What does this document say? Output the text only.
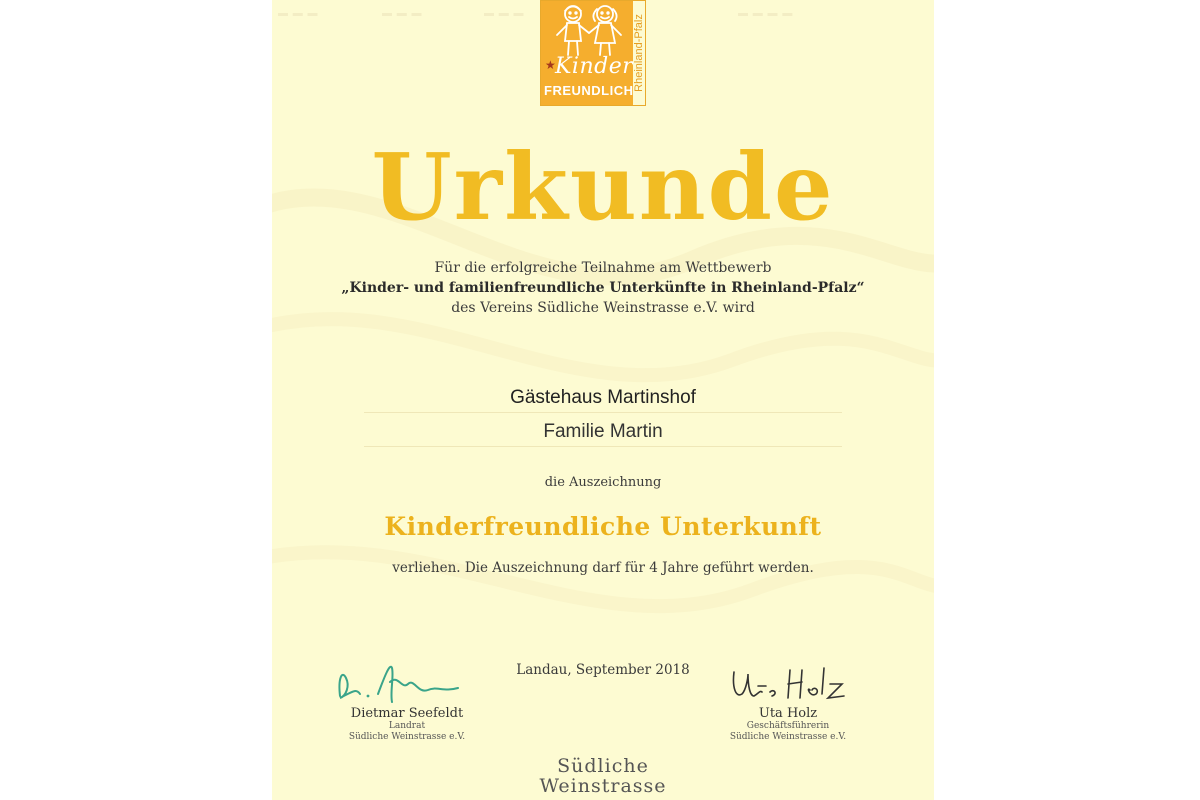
▬ ▬ ▬	▬ ▬ ▬	▬ ▬ ▬	▬ ▬ ▬ ▬
★ Kinder
FREUNDLICH Rheinland-Pfalz
Urkunde
Für die erfolgreiche Teilnahme am Wettbewerb
„Kinder- und familienfreundliche Unterkünfte in Rheinland-Pfalz“
des Vereins Südliche Weinstrasse e.V. wird
Gästehaus Martinshof
Familie Martin
die Auszeichnung
Kinderfreundliche Unterkunft
verliehen. Die Auszeichnung darf für 4 Jahre geführt werden.
Landau, September 2018
Dietmar Seefeldt
Landrat
Südliche Weinstrasse e.V.
Uta Holz
Geschäftsführerin
Südliche Weinstrasse e.V.
Südliche
Weinstrasse
